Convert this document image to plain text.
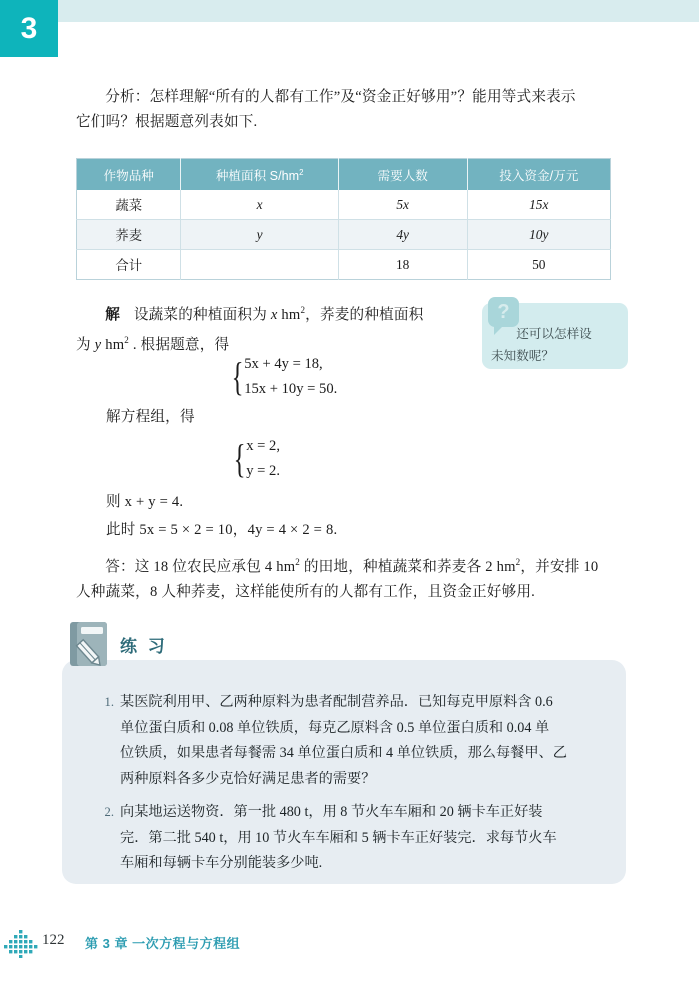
3
分析：怎样理解“所有的人都有工作”及“资金正好够用”？能用等式来表示
它们吗？根据题意列表如下.
作物品种	种植面积 $S/hm^2$	需要人数	投入资金/万元
蔬菜	x	5x	15x
荞麦	y	4y	10y
合计		18	50
解 设蔬菜的种植面积为 x $hm^2$，荞麦的种植面积
为 y $hm^2$ . 根据题意，得
?
还可以怎样设
未知数呢？
{ 5x + 4y = 18,
15x + 10y = 50.
解方程组，得
{ x = 2,
y = 2.
则 x + y = 4.
此时 5x = 5 × 2 = 10，4y = 4 × 2 = 8.
答：这 18 位农民应承包 4 $hm^2$ 的田地，种植蔬菜和荞麦各 2 $hm^2$，并安排 10
人种蔬菜，8 人种荞麦，这样能使所有的人都有工作，且资金正好够用.
练 习
1. 某医院利用甲、乙两种原料为患者配制营养品．已知每克甲原料含 0.6
单位蛋白质和 0.08 单位铁质，每克乙原料含 0.5 单位蛋白质和 0.04 单
位铁质，如果患者每餐需 34 单位蛋白质和 4 单位铁质，那么每餐甲、乙
两种原料各多少克恰好满足患者的需要？
2. 向某地运送物资．第一批 480 t，用 8 节火车车厢和 20 辆卡车正好装
完．第二批 540 t，用 10 节火车车厢和 5 辆卡车正好装完．求每节火车
车厢和每辆卡车分别能装多少吨.
122 第 3 章 一次方程与方程组
